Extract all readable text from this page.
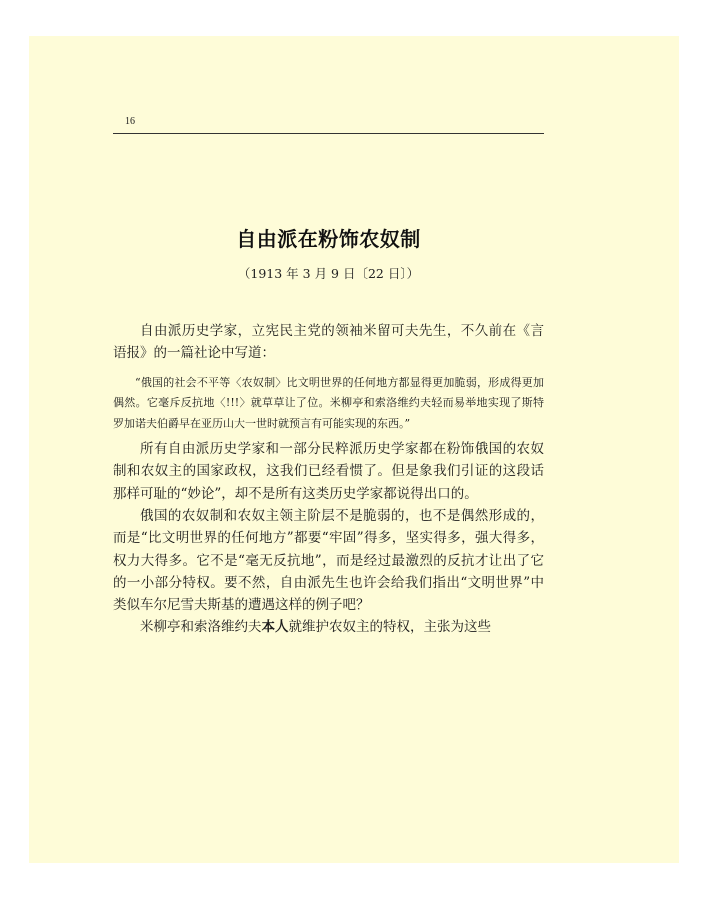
16
自由派在粉饰农奴制
（1913 年 3 月 9 日〔22 日〕）

自由派历史学家，立宪民主党的领袖米留可夫先生，不久前在《言语报》的一篇社论中写道：

“俄国的社会不平等〈农奴制〉比文明世界的任何地方都显得更加脆弱，形成得更加偶然。它毫斥反抗地〈!!!〉就草草让了位。米柳亭和索洛维约夫轻而易举地实现了斯特罗加诺夫伯爵早在亚历山大一世时就预言有可能实现的东西。”

所有自由派历史学家和一部分民粹派历史学家都在粉饰俄国的农奴制和农奴主的国家政权，这我们已经看惯了。但是象我们引证的这段话那样可耻的“妙论”，却不是所有这类历史学家都说得出口的。

俄国的农奴制和农奴主领主阶层不是脆弱的，也不是偶然形成的，而是“比文明世界的任何地方”都要“牢固”得多，坚实得多，强大得多，权力大得多。它不是“毫无反抗地”，而是经过最激烈的反抗才让出了它的一小部分特权。要不然，自由派先生也许会给我们指出“文明世界”中类似车尔尼雪夫斯基的遭遇这样的例子吧？

米柳亭和索洛维约夫本人就维护农奴主的特权，主张为这些
